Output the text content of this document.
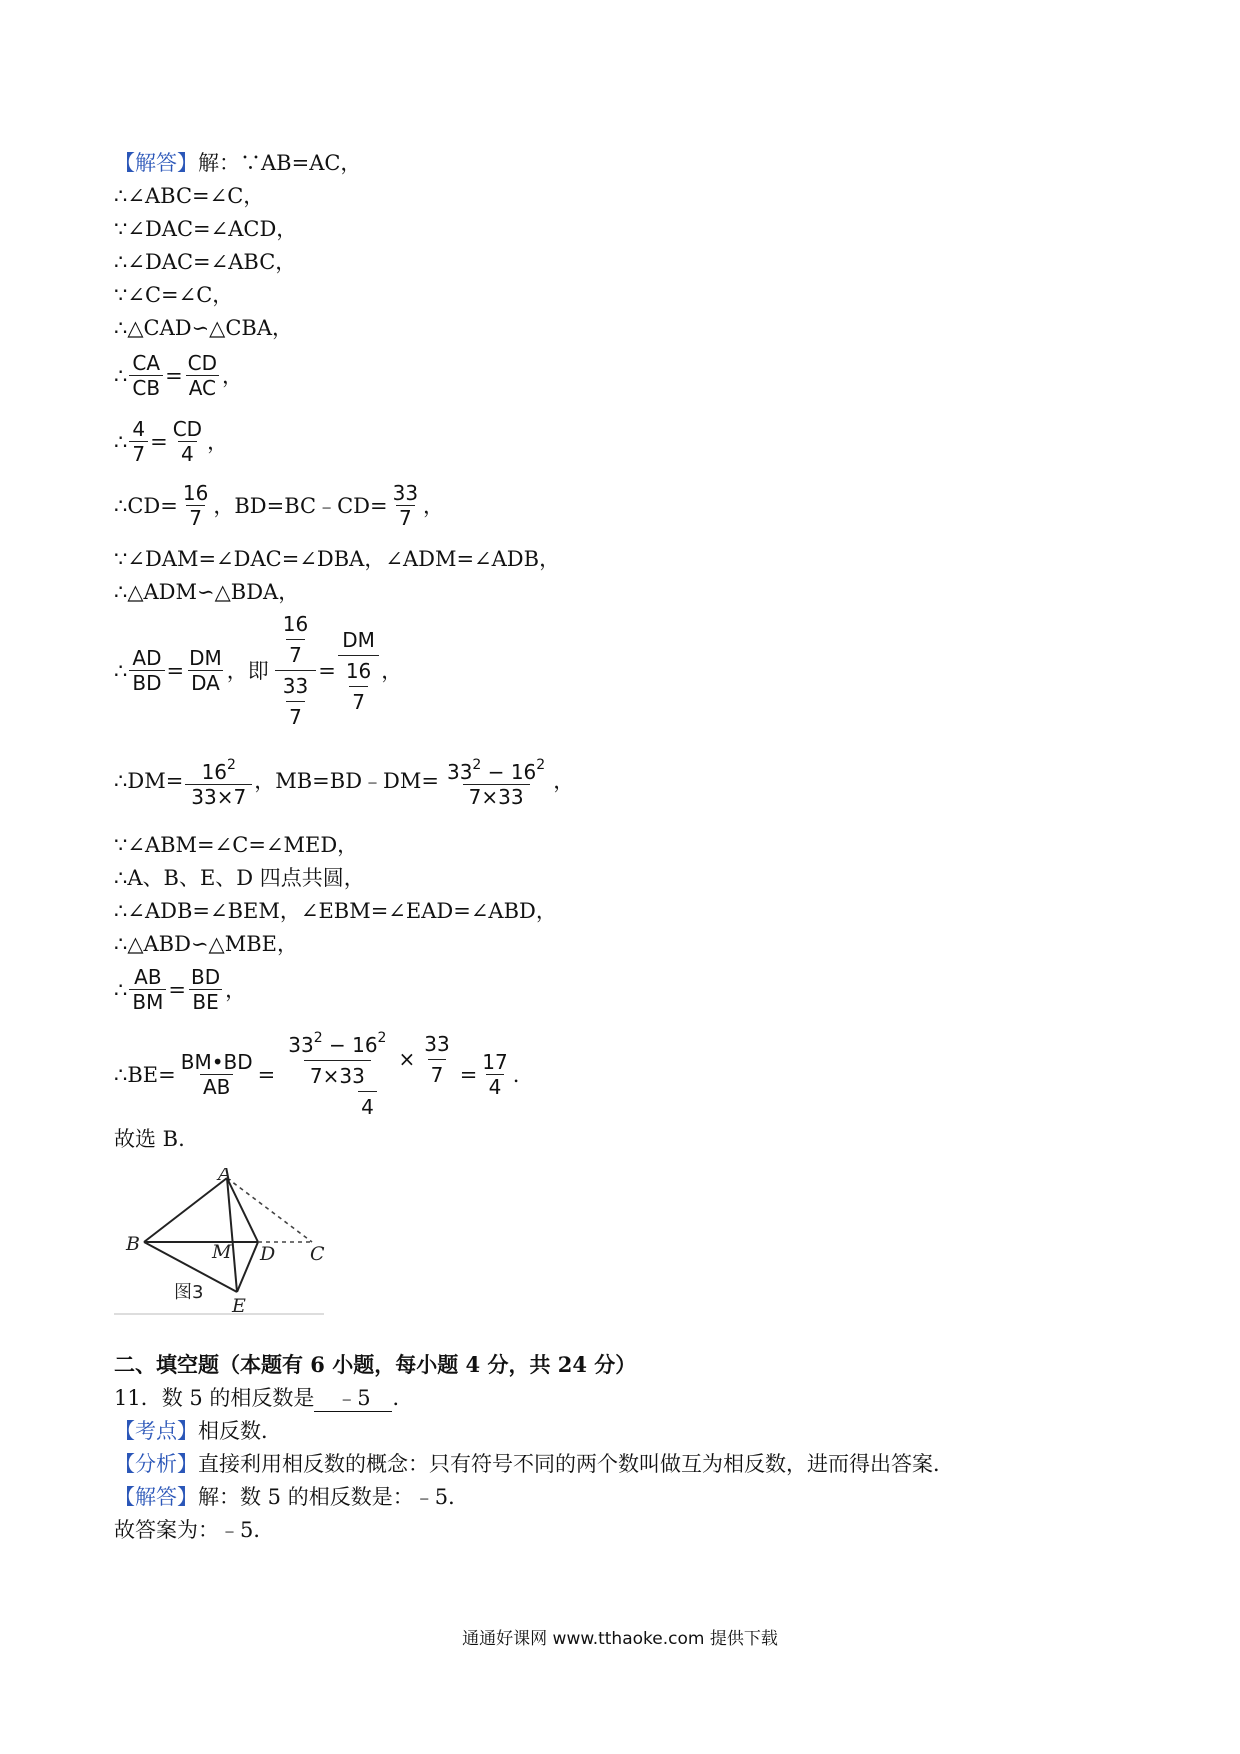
【解答】解：∵AB=AC，
∴∠ABC=∠C，
∵∠DAC=∠ACD，
∴∠DAC=∠ABC，
∵∠C=∠C，
∴△CAD∽△CBA，
∴ $\frac{CA}{CB} = \frac{CD}{AC}$ ，
∴ $\frac{4}{7} = \frac{CD}{4}$ ，
∴CD= $\frac{16}{7}$ ，BD=BC﹣CD= $\frac{33}{7}$ ，
∵∠DAM=∠DAC=∠DBA，∠ADM=∠ADB，
∴△ADM∽△BDA，
∴ $\frac{AD}{BD} = \frac{DM}{DA}$ ，即 $\frac{\frac{16}{7}}{\frac{33}{7}} = \frac{DM}{\frac{16}{7}}$ ，
∴DM= $\frac{16^2}{33\times 7}$ ，MB=BD﹣DM= $\frac{33^2 - 16^2}{7\times 33}$ ，
∵∠ABM=∠C=∠MED，
∴A、B、E、D 四点共圆，
∴∠ADB=∠BEM，∠EBM=∠EAD=∠ABD，
∴△ABD∽△MBE，
∴ $\frac{AB}{BM} = \frac{BD}{BE}$ ，
∴BE= $\frac{BM•BD}{AB} = \frac{\frac{33^2 - 16^2}{7\times 33} \times \frac{33}{7}}{4} = \frac{17}{4}$ .
故选 B.
A
B	M D C
E
图3
二、填空题（本题有 6 小题，每小题 4 分，共 24 分）
11．数 5 的相反数是 ﹣5 ．
【考点】相反数．
【分析】直接利用相反数的概念：只有符号不同的两个数叫做互为相反数，进而得出答案．
【解答】解：数 5 的相反数是：﹣5．
故答案为：﹣5．
通通好课网 www.tthaoke.com 提供下载
